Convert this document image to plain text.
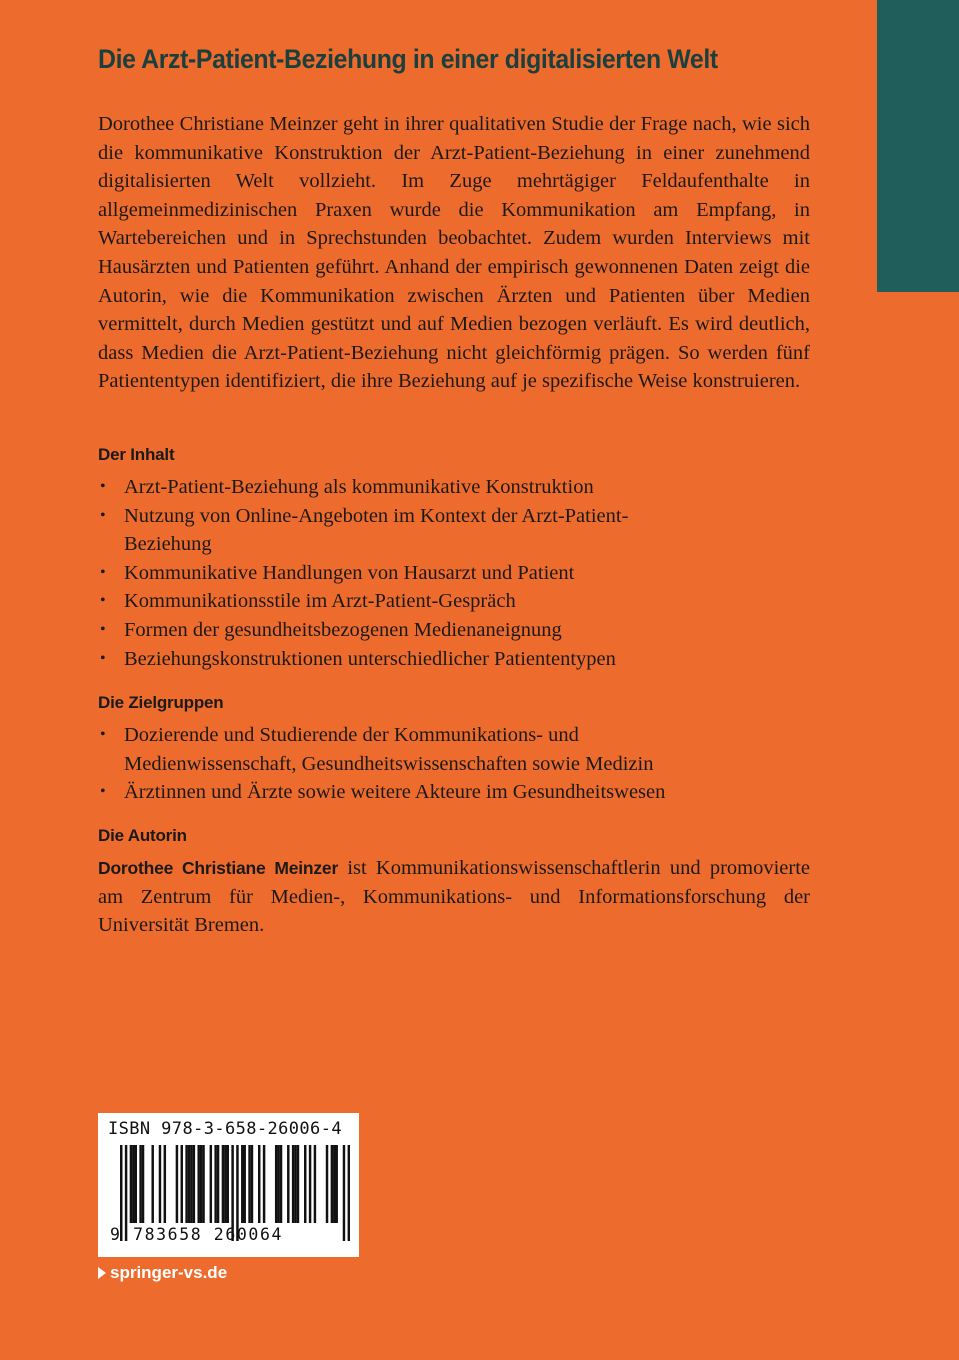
Die Arzt-Patient-Beziehung in einer digitalisierten Welt

Dorothee Christiane Meinzer geht in ihrer qualitativen Studie der Frage nach, wie sich die kommunikative Konstruktion der Arzt-Patient-Beziehung in einer zunehmend digitalisierten Welt vollzieht. Im Zuge mehrtägiger Feldaufenthalte in allgemeinmedizinischen Praxen wurde die Kommunikation am Empfang, in Wartebereichen und in Sprechstunden beobachtet. Zudem wurden Interviews mit Hausärzten und Patienten geführt. Anhand der empirisch gewonnenen Daten zeigt die Autorin, wie die Kommunikation zwischen Ärzten und Patienten über Medien vermittelt, durch Medien gestützt und auf Medien bezogen verläuft. Es wird deutlich, dass Medien die Arzt-Patient-Beziehung nicht gleichförmig prägen. So werden fünf Patiententypen identifiziert, die ihre Beziehung auf je spezifische Weise konstruieren.

Der Inhalt
• Arzt-Patient-Beziehung als kommunikative Konstruktion
• Nutzung von Online-Angeboten im Kontext der Arzt-Patient-Beziehung
• Kommunikative Handlungen von Hausarzt und Patient
• Kommunikationsstile im Arzt-Patient-Gespräch
• Formen der gesundheitsbezogenen Medienaneignung
• Beziehungskonstruktionen unterschiedlicher Patiententypen
Die Zielgruppen
• Dozierende und Studierende der Kommunikations- und Medienwissenschaft, Gesundheitswissenschaften sowie Medizin
• Ärztinnen und Ärzte sowie weitere Akteure im Gesundheitswesen
Die Autorin

Dorothee Christiane Meinzer ist Kommunikationswissenschaftlerin und promovierte am Zentrum für Medien-, Kommunikations- und Informationsforschung der Universität Bremen.

ISBN 978-3-658-26006-4
9 783658 260064
springer-vs.de
